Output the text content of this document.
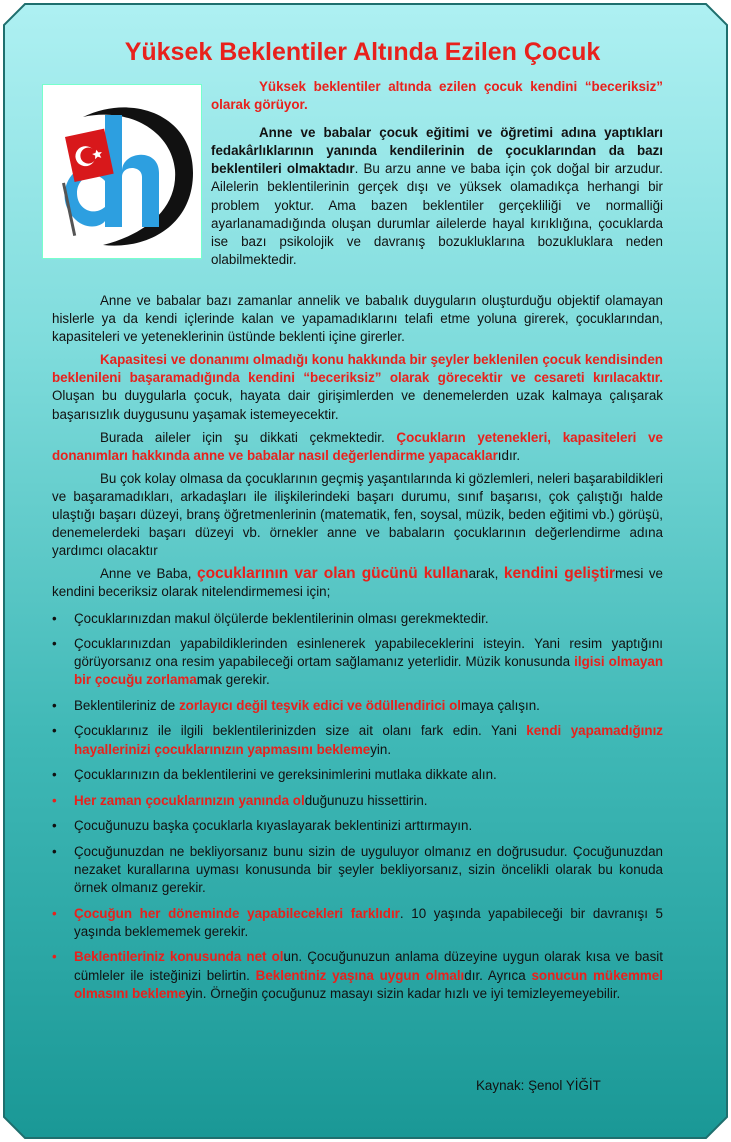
Yüksek Beklentiler Altında Ezilen Çocuk

Yüksek beklentiler altında ezilen çocuk kendini “beceriksiz” olarak görüyor.

Anne ve babalar çocuk eğitimi ve öğretimi adına yaptıkları fedakârlıklarının yanında kendilerinin de çocuklarından da bazı beklentileri olmaktadır. Bu arzu anne ve baba için çok doğal bir arzudur. Ailelerin beklentilerinin gerçek dışı ve yüksek olamadıkça herhangi bir problem yoktur. Ama bazen beklentiler gerçekliliği ve normalliği ayarlanamadığında oluşan durumlar ailelerde hayal kırıklığına, çocuklarda ise bazı psikolojik ve davranış bozukluklarına bozukluklara neden olabilmektedir.

Anne ve babalar bazı zamanlar annelik ve babalık duyguların oluşturduğu objektif olamayan hislerle ya da kendi içlerinde kalan ve yapamadıklarını telafi etme yoluna girerek, çocuklarından, kapasiteleri ve yeteneklerinin üstünde beklenti içine girerler.

Kapasitesi ve donanımı olmadığı konu hakkında bir şeyler beklenilen çocuk kendisinden beklenileni başaramadığında kendini “beceriksiz” olarak görecektir ve cesareti kırılacaktır. Oluşan bu duygularla çocuk, hayata dair girişimlerden ve denemelerden uzak kalmaya çalışarak başarısızlık duygusunu yaşamak istemeyecektir.

Burada aileler için şu dikkati çekmektedir. Çocukların yetenekleri, kapasiteleri ve donanımları hakkında anne ve babalar nasıl değerlendirme yapacaklarıdır.

Bu çok kolay olmasa da çocuklarının geçmiş yaşantılarında ki gözlemleri, neleri başarabildikleri ve başaramadıkları, arkadaşları ile ilişkilerindeki başarı durumu, sınıf başarısı, çok çalıştığı halde ulaştığı başarı düzeyi, branş öğretmenlerinin (matematik, fen, soysal, müzik, beden eğitimi vb.) görüşü, denemelerdeki başarı düzeyi vb. örnekler anne ve babaların çocuklarının değerlendirme adına yardımcı olacaktır

Anne ve Baba, çocuklarının var olan gücünü kullanarak, kendini geliştirmesi ve kendini beceriksiz olarak nitelendirmemesi için;

• Çocuklarınızdan makul ölçülerde beklentilerinin olması gerekmektedir.
• Çocuklarınızdan yapabildiklerinden esinlenerek yapabileceklerini isteyin. Yani resim yaptığını görüyorsanız ona resim yapabileceği ortam sağlamanız yeterlidir. Müzik konusunda ilgisi olmayan bir çocuğu zorlamamak gerekir.
• Beklentileriniz de zorlayıcı değil teşvik edici ve ödüllendirici olmaya çalışın.
• Çocuklarınız ile ilgili beklentilerinizden size ait olanı fark edin. Yani kendi yapamadığınız hayallerinizi çocuklarınızın yapmasını beklemeyin.
• Çocuklarınızın da beklentilerini ve gereksinimlerini mutlaka dikkate alın.
• Her zaman çocuklarınızın yanında olduğunuzu hissettirin.
• Çocuğunuzu başka çocuklarla kıyaslayarak beklentinizi arttırmayın.
• Çocuğunuzdan ne bekliyorsanız bunu sizin de uyguluyor olmanız en doğrusudur. Çocuğunuzdan nezaket kurallarına uyması konusunda bir şeyler bekliyorsanız, sizin öncelikli olarak bu konuda örnek olmanız gerekir.
• Çocuğun her döneminde yapabilecekleri farklıdır. 10 yaşında yapabileceği bir davranışı 5 yaşında beklememek gerekir.
• Beklentileriniz konusunda net olun. Çocuğunuzun anlama düzeyine uygun olarak kısa ve basit cümleler ile isteğinizi belirtin. Beklentiniz yaşına uygun olmalıdır. Ayrıca sonucun mükemmel olmasını beklemeyin. Örneğin çocuğunuz masayı sizin kadar hızlı ve iyi temizleyemeyebilir.
Kaynak: Şenol YİĞİT
